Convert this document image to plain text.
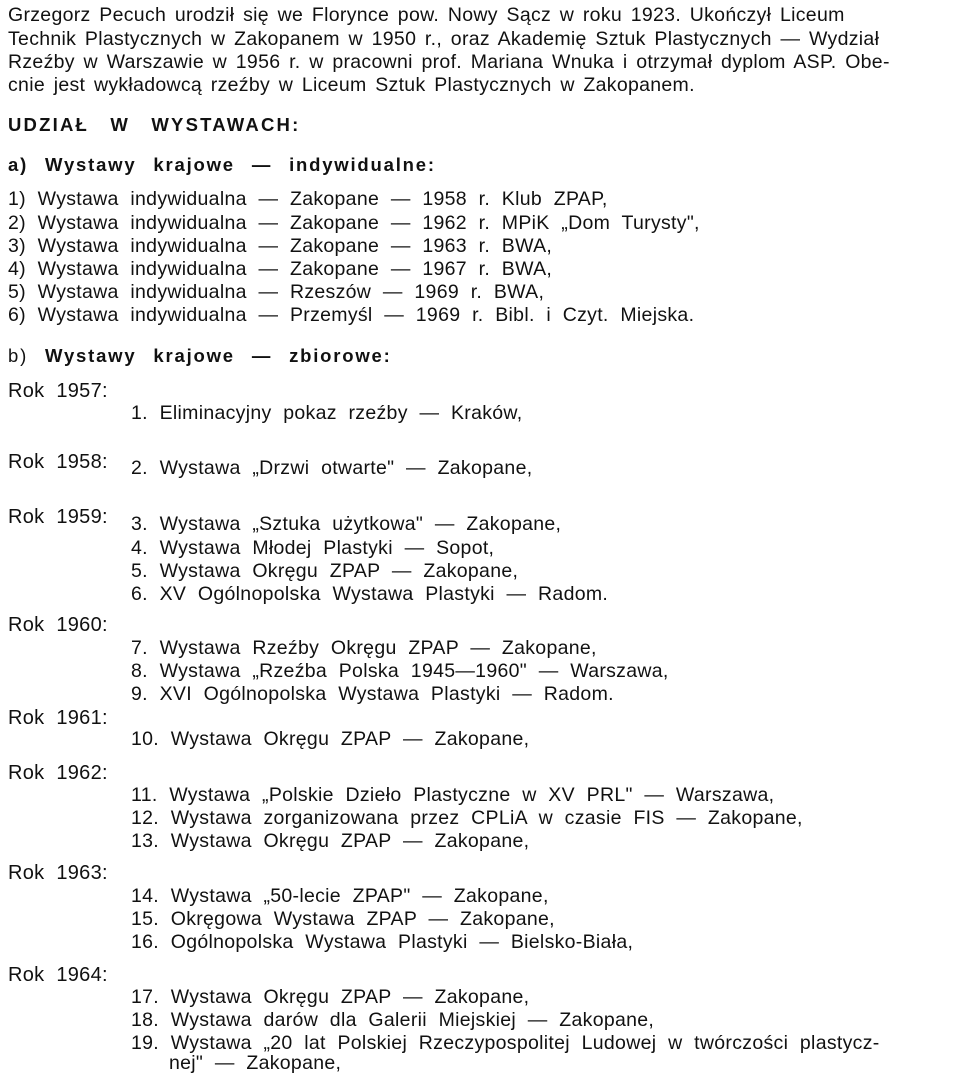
Grzegorz Pecuch urodził się we Florynce pow. Nowy Sącz w roku 1923. Ukończył Liceum
Technik Plastycznych w Zakopanem w 1950 r., oraz Akademię Sztuk Plastycznych — Wydział
Rzeźby w Warszawie w 1956 r. w pracowni prof. Mariana Wnuka i otrzymał dyplom ASP. Obe-
cnie jest wykładowcą rzeźby w Liceum Sztuk Plastycznych w Zakopanem.
UDZIAŁ W WYSTAWACH:
a) Wystawy krajowe — indywidualne:
1) Wystawa indywidualna — Zakopane — 1958 r. Klub ZPAP,
2) Wystawa indywidualna — Zakopane — 1962 r. MPiK „Dom Turysty",
3) Wystawa indywidualna — Zakopane — 1963 r. BWA,
4) Wystawa indywidualna — Zakopane — 1967 r. BWA,
5) Wystawa indywidualna — Rzeszów — 1969 r. BWA,
6) Wystawa indywidualna — Przemyśl — 1969 r. Bibl. i Czyt. Miejska.
b) Wystawy krajowe — zbiorowe:
Rok 1957:
1. Eliminacyjny pokaz rzeźby — Kraków,
Rok 1958: 2. Wystawa „Drzwi otwarte" — Zakopane,
Rok 1959: 3. Wystawa „Sztuka użytkowa" — Zakopane,
4. Wystawa Młodej Plastyki — Sopot,
5. Wystawa Okręgu ZPAP — Zakopane,
6. XV Ogólnopolska Wystawa Plastyki — Radom.
Rok 1960:
7. Wystawa Rzeźby Okręgu ZPAP — Zakopane,
8. Wystawa „Rzeźba Polska 1945—1960" — Warszawa,
9. XVI Ogólnopolska Wystawa Plastyki — Radom.
Rok 1961:
10. Wystawa Okręgu ZPAP — Zakopane,
Rok 1962:
11. Wystawa „Polskie Dzieło Plastyczne w XV PRL" — Warszawa,
12. Wystawa zorganizowana przez CPLiA w czasie FIS — Zakopane,
13. Wystawa Okręgu ZPAP — Zakopane,
Rok 1963:
14. Wystawa „50-lecie ZPAP" — Zakopane,
15. Okręgowa Wystawa ZPAP — Zakopane,
16. Ogólnopolska Wystawa Plastyki — Bielsko-Biała,
Rok 1964:
17. Wystawa Okręgu ZPAP — Zakopane,
18. Wystawa darów dla Galerii Miejskiej — Zakopane,
19. Wystawa „20 lat Polskiej Rzeczypospolitej Ludowej w twórczości plastycz-
nej" — Zakopane,
